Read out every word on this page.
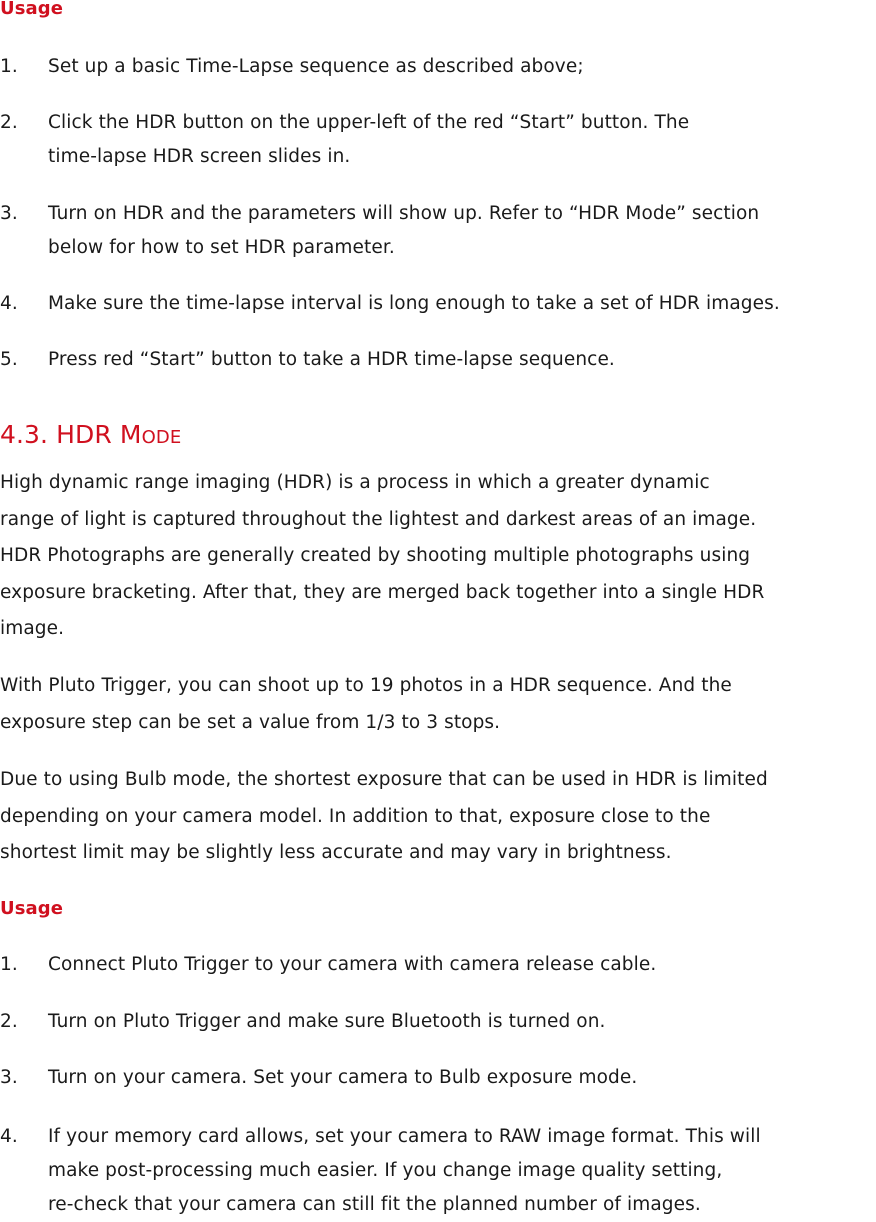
Usage
1. Set up a basic Time-Lapse sequence as described above;
2. Click the HDR button on the upper-left of the red “Start” button. The
time-lapse HDR screen slides in.
3. Turn on HDR and the parameters will show up. Refer to “HDR Mode” section
below for how to set HDR parameter.
4. Make sure the time-lapse interval is long enough to take a set of HDR images.
5. Press red “Start” button to take a HDR time-lapse sequence.
4.3. HDR MODE

High dynamic range imaging (HDR) is a process in which a greater dynamic
range of light is captured throughout the lightest and darkest areas of an image.
HDR Photographs are generally created by shooting multiple photographs using
exposure bracketing. After that, they are merged back together into a single HDR
image.

With Pluto Trigger, you can shoot up to 19 photos in a HDR sequence. And the
exposure step can be set a value from 1/3 to 3 stops.

Due to using Bulb mode, the shortest exposure that can be used in HDR is limited
depending on your camera model. In addition to that, exposure close to the
shortest limit may be slightly less accurate and may vary in brightness.

Usage
1. Connect Pluto Trigger to your camera with camera release cable.
2. Turn on Pluto Trigger and make sure Bluetooth is turned on.
3. Turn on your camera. Set your camera to Bulb exposure mode.
4. If your memory card allows, set your camera to RAW image format. This will
make post-processing much easier. If you change image quality setting,
re-check that your camera can still fit the planned number of images.
